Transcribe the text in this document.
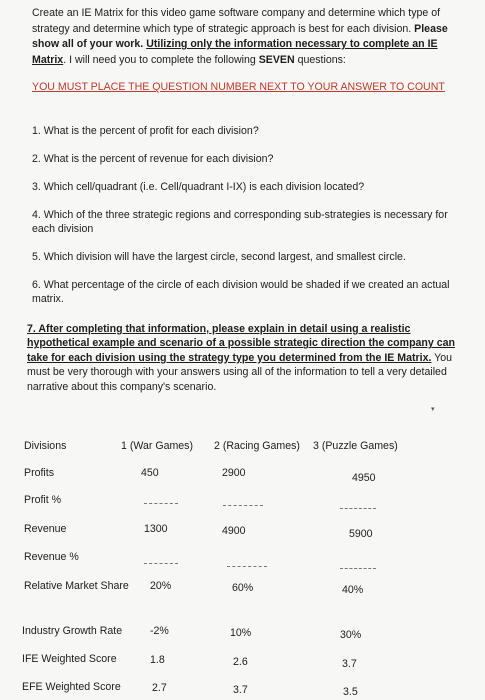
Create an IE Matrix for this video game software company and determine which type of strategy and determine which type of strategic approach is best for each division. Please show all of your work. Utilizing only the information necessary to complete an IE Matrix. I will need you to complete the following SEVEN questions:
YOU MUST PLACE THE QUESTION NUMBER NEXT TO YOUR ANSWER TO COUNT
1. What is the percent of profit for each division?
2. What is the percent of revenue for each division?
3. Which cell/quadrant (i.e. Cell/quadrant I-IX) is each division located?
4. Which of the three strategic regions and corresponding sub-strategies is necessary for each division
5. Which division will have the largest circle, second largest, and smallest circle.
6. What percentage of the circle of each division would be shaded if we created an actual matrix.
7. After completing that information, please explain in detail using a realistic hypothetical example and scenario of a possible strategic direction the company can take for each division using the strategy type you determined from the IE Matrix. You must be very thorough with your answers using all of the information to tell a very detailed narrative about this company's scenario.
▾
Divisions	1 (War Games) 2 (Racing Games) 3 (Puzzle Games)
Profits	450	2900	4950
Profit %
Revenue	1300	4900	5900
Revenue %
Relative Market Share 20%	60%	40%
Industry Growth Rate	-2%	10%	30%
IFE Weighted Score	1.8	2.6	3.7
EFE Weighted Score	2.7	3.7	3.5
